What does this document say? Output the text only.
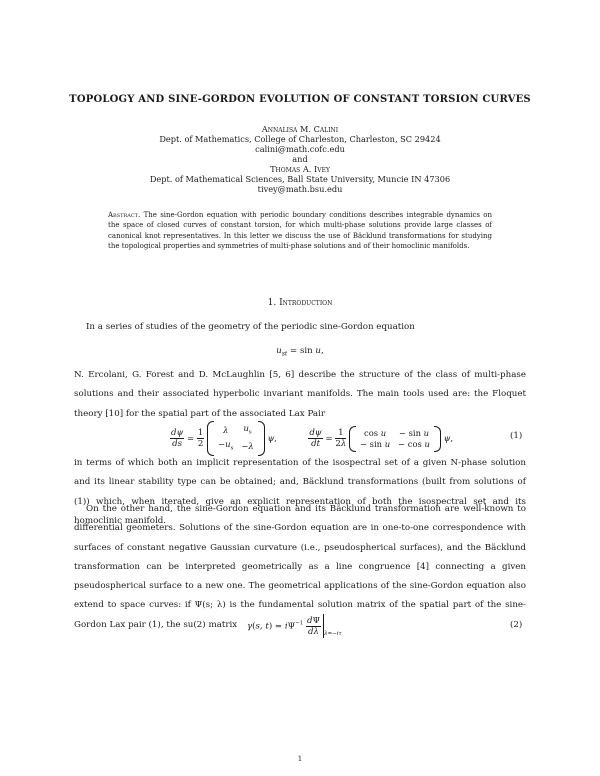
TOPOLOGY AND SINE-GORDON EVOLUTION OF CONSTANT TORSION CURVES
Annalisa M. Calini
Dept. of Mathematics, College of Charleston, Charleston, SC 29424
calini@math.cofc.edu
and
Thomas A. Ivey
Dept. of Mathematical Sciences, Ball State University, Muncie IN 47306
tivey@math.bsu.edu
Abstract. The sine-Gordon equation with periodic boundary conditions describes integrable dynamics on the space of closed curves of constant torsion, for which multi-phase solutions provide large classes of canonical knot representatives. In this letter we discuss the use of Bäcklund transformations for studying the topological properties and symmetries of multi-phase solutions and of their homoclinic manifolds.
1. Introduction
In a series of studies of the geometry of the periodic sine-Gordon equation
$u_{st} = \sin u$,
N. Ercolani, G. Forest and D. McLaughlin [5, 6] describe the structure of the class of multi-phase solutions and their associated hyperbolic invariant manifolds. The main tools used are: the Floquet theory [10] for the spatial part of the associated Lax Pair
$\frac{d\psi}{ds} = \frac{1}{2}$
λ	$u_s$
$-u_s$	−λ
ψ,	$\frac{d\psi}{dt} = \frac{1}{2\lambda}$
cos u	− sin u
− sin u	− cos u ψ,	(1)
in terms of which both an implicit representation of the isospectral set of a given N-phase solution and its linear stability type can be obtained; and, Bäcklund transformations (built from solutions of (1)) which, when iterated, give an explicit representation of both the isospectral set and its homoclinic manifold.
On the other hand, the sine-Gordon equation and its Bäcklund transformation are well-known to differential geometers. Solutions of the sine-Gordon equation are in one-to-one correspondence with surfaces of constant negative Gaussian curvature (i.e., pseudospherical surfaces), and the Bäcklund transformation can be interpreted geometrically as a line congruence [4] connecting a given pseudospherical surface to a new one. The geometrical applications of the sine-Gordon equation also extend to space curves: if Ψ(s; λ) is the fundamental solution matrix of the spatial part of the sine-Gordon Lax pair (1), the su(2) matrix	γ(s, $t) = i\Psi^{-1} \frac{d\Psi}{d\lambda} _{\lambda=-i\tau}$
(2)
1
